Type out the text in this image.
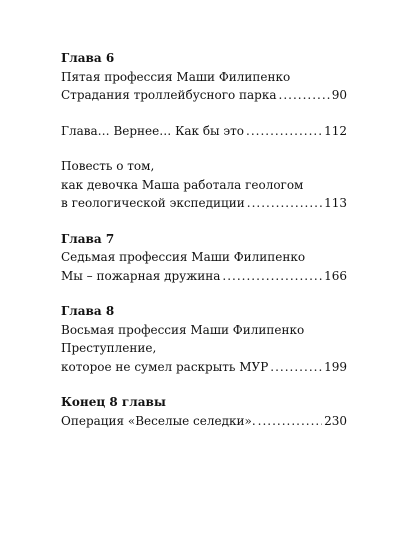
Глава 6
Пятая профессия Маши Филипенко
Страдания троллейбусного парка .....	90
Глава… Вернее… Как бы это .....	112
Повесть о том,
как девочка Маша работала геологом
в геологической экспедиции .....	113
Глава 7
Седьмая профессия Маши Филипенко
Мы – пожарная дружина .....	166
Глава 8
Восьмая профессия Маши Филипенко
Преступление,
которое не сумел раскрыть МУР .....	199
Конец 8 главы
Операция «Веселые селедки». .....	230
